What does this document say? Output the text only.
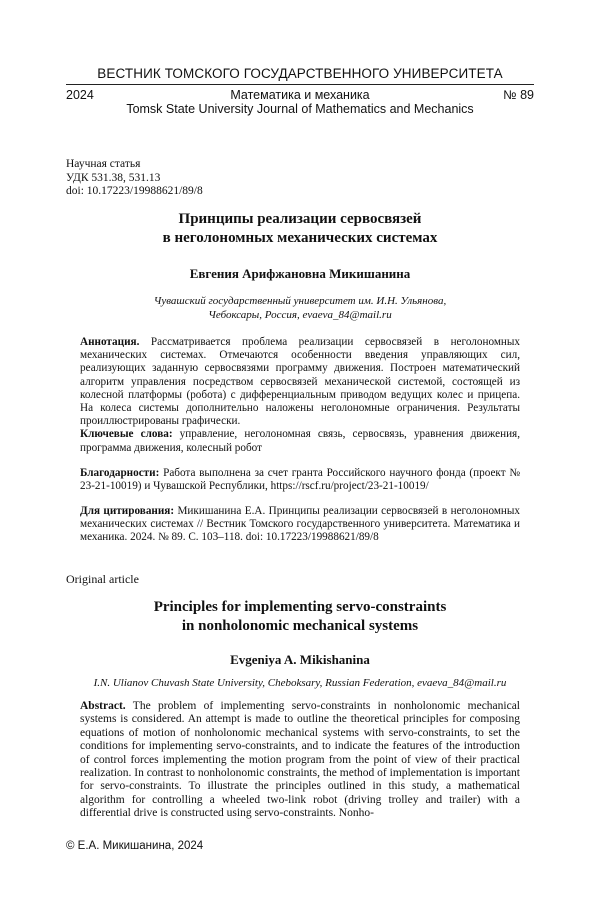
ВЕСТНИК ТОМСКОГО ГОСУДАРСТВЕННОГО УНИВЕРСИТЕТА
2024	Математика и механика	№ 89
Tomsk State University Journal of Mathematics and Mechanics
Научная статья
УДК 531.38, 531.13
doi: 10.17223/19988621/89/8
Принципы реализации сервосвязей
в неголономных механических системах
Евгения Арифжановна Микишанина
Чувашский государственный университет им. И.Н. Ульянова,
Чебоксары, Россия, evaeva_84@mail.ru
Аннотация. Рассматривается проблема реализации сервосвязей в неголономных механических системах. Отмечаются особенности введения управляющих сил, реализующих заданную сервосвязями программу движения. Построен математический алгоритм управления посредством сервосвязей механической системой, состоящей из колесной платформы (робота) с дифференциальным приводом ведущих колес и прицепа. На колеса системы дополнительно наложены неголономные ограничения. Результаты проиллюстрированы графически.
Ключевые слова: управление, неголономная связь, сервосвязь, уравнения движения, программа движения, колесный робот
Благодарности: Работа выполнена за счет гранта Российского научного фонда (проект № 23-21-10019) и Чувашской Республики, https://rscf.ru/project/23-21-10019/
Для цитирования: Микишанина Е.А. Принципы реализации сервосвязей в неголономных механических системах // Вестник Томского государственного университета. Математика и механика. 2024. № 89. С. 103–118. doi: 10.17223/19988621/89/8
Original article
Principles for implementing servo-constraints
in nonholonomic mechanical systems
Evgeniya A. Mikishanina
I.N. Ulianov Chuvash State University, Cheboksary, Russian Federation, evaeva_84@mail.ru
Abstract. The problem of implementing servo-constraints in nonholonomic mechanical systems is considered. An attempt is made to outline the theoretical principles for composing equations of motion of nonholonomic mechanical systems with servo-constraints, to set the conditions for implementing servo-constraints, and to indicate the features of the introduction of control forces implementing the motion program from the point of view of their practical realization. In contrast to nonholonomic constraints, the method of implementation is important for servo-constraints. To illustrate the principles outlined in this study, a mathematical algorithm for controlling a wheeled two-link robot (driving trolley and trailer) with a differential drive is constructed using servo-constraints. Nonho-
© Е.А. Микишанина, 2024
